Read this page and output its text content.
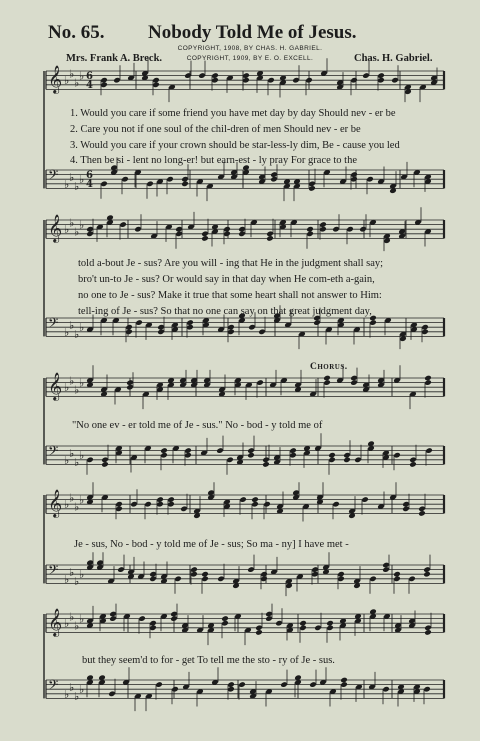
No. 65. Nobody Told Me of Jesus.
COPYRIGHT, 1908, BY CHAS. H. GABRIEL.
COPYRIGHT, 1909, BY E. O. EXCELL.
Mrs. Frank A. Breck.	Chas. H. Gabriel.
𝄞 ♭
♭
♭
♭ 6
4
𝄢 ♭
♭
♭
♭ 6
4
𝄞 ♭
♭
♭
♭
𝄢 ♭
♭
♭
♭
𝄞 ♭
♭
♭
♭
𝄢 ♭
♭
♭
♭
𝄞 ♭
♭
♭
♭
𝄢 ♭
♭
♭
♭
𝄞 ♭
♭
♭
♭
𝄢 ♭
♭
♭
♭
1. Would you care if some friend you have met day by day Should nev - er be
2. Care you not if one soul of the chil-dren of men Should nev - er be
3. Would you care if your crown should be star-less-ly dim, Be - cause you led
4. Then be si - lent no long-er! but earn-est - ly pray For grace to the
told a-bout Je - sus? Are you will - ing that He in the judgment shall say;
bro't un-to Je - sus? Or would say in that day when He com-eth a-gain,
no one to Je - sus? Make it true that some heart shall not answer to Him:
tell-ing of Je - sus? So that no one can say on that great judgment day,
Chorus.
"No one ev - er told me of Je - sus." No - bod - y told me of
Je - sus, No - bod - y told me of Je - sus; So ma - ny] I have met -
but they seem'd to for - get To tell me the sto - ry of Je - sus.
